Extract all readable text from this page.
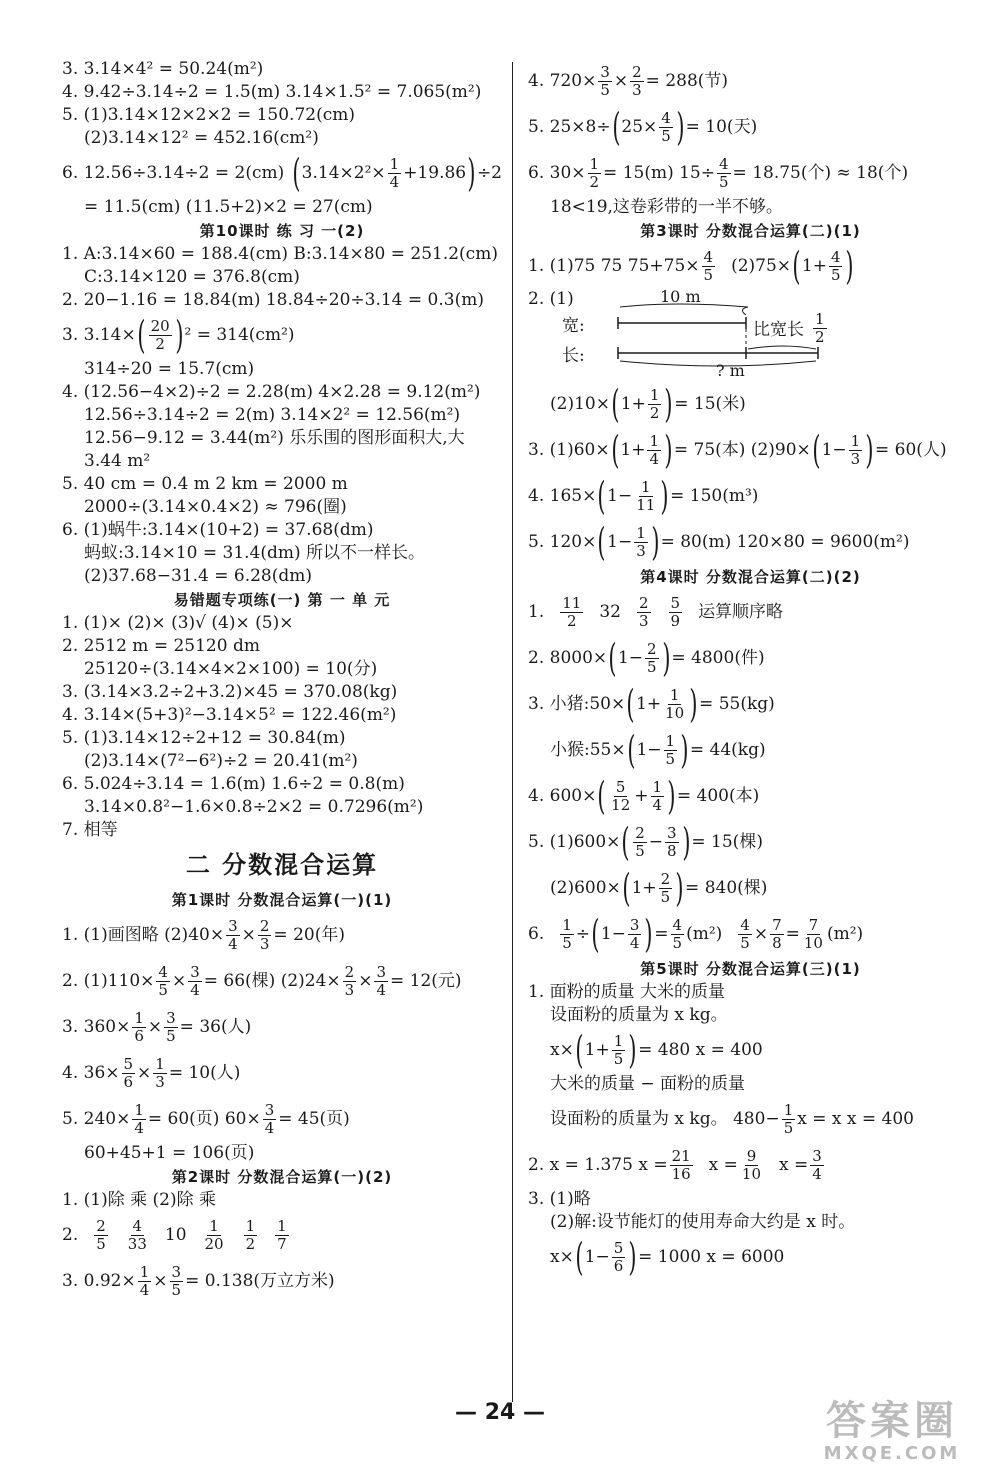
3. 3.14×4² = 50.24(m²)
4. 9.42÷3.14÷2 = 1.5(m) 3.14×1.5² = 7.065(m²)
5. (1)3.14×12×2×2 = 150.72(cm)
(2)3.14×12² = 452.16(cm²)
6. 12.56÷3.14÷2 = 2(cm) ( $3.14\times 2^2\times \frac{1}{4} +19.86$ ) ÷2
= 11.5(cm) (11.5+2)×2 = 27(cm)
第10课时 练 习 一(2)
1. A:3.14×60 = 188.4(cm) B:3.14×80 = 251.2(cm)
C:3.14×120 = 376.8(cm)
2. 20−1.16 = 18.84(m) 18.84÷20÷3.14 = 0.3(m)
3. 3.14× ( 20
2 ) ² = 314(cm²)
314÷20 = 15.7(cm)
4. (12.56−4×2)÷2 = 2.28(m) 4×2.28 = 9.12(m²)
12.56÷3.14÷2 = 2(m) 3.14×2² = 12.56(m²)
12.56−9.12 = 3.44(m²) 乐乐围的图形面积大,大
3.44 m²
5. 40 cm = 0.4 m 2 km = 2000 m
2000÷(3.14×0.4×2) ≈ 796(圈)
6. (1)蜗牛:3.14×(10+2) = 37.68(dm)
蚂蚁:3.14×10 = 31.4(dm) 所以不一样长。
(2)37.68−31.4 = 6.28(dm)
易错题专项练(一) 第 一 单 元
1. (1)× (2)× (3)√ (4)× (5)×
2. 2512 m = 25120 dm
25120÷(3.14×4×2×100) = 10(分)
3. (3.14×3.2÷2+3.2)×45 = 370.08(kg)
4. 3.14×(5+3)²−3.14×5² = 122.46(m²)
5. (1)3.14×12÷2+12 = 30.84(m)
(2)3.14×(7²−6²)÷2 = 20.41(m²)
6. 5.024÷3.14 = 1.6(m) 1.6÷2 = 0.8(m)
3.14×0.8²−1.6×0.8÷2×2 = 0.7296(m²)
7. 相等
二 分数混合运算
第1课时 分数混合运算(一)(1)
1. (1)画图略 $(2)40\times \frac{3}{4} \times \frac{2}{3} = 20$(年)
2. $(1)110\times \frac{4}{5} \times \frac{3}{4} = 66$(棵) $(2)24\times \frac{2}{3} \times \frac{3}{4} = 12$(元)
3. $360\times \frac{1}{6} \times \frac{3}{5} = 36$(人)
4. $36\times \frac{5}{6} \times \frac{1}{3} = 10$(人)
5. $240\times \frac{1}{4} = 60$(页) $60\times \frac{3}{4} = 45$(页)
60+45+1 = 106(页)
第2课时 分数混合运算(一)(2)
1. (1)除 乘 (2)除 乘
2. 2
5
4
33 10 1
20
1
2
1
7
3. $0.92\times \frac{1}{4} \times \frac{3}{5} = 0.138$(万立方米)
4. $720\times \frac{3}{5} \times \frac{2}{3} = 288$(节)
5. 25×8÷ ( $25\times \frac{4}{5}$ ) = 10(天)
6. $30\times \frac{1}{2} = 15(m)$ $15\div \frac{4}{5} = 18.75$(个) ≈ 18(个)
18<19,这卷彩带的一半不够。
第3课时 分数混合运算(二)(1)
1. (1)75 75 $75+75\times \frac{4}{5} (2)75\times$ ( $1+ \frac{4}{5}$ )
2. (1)	10 m
宽:	比宽长
1
2
长:
? m
(2)10× ( $1+ \frac{1}{2}$ ) = 15(米)
3. (1)60× ( 1+ 1
4 ) = 75(本) (2)90× ( 1− 1
3 ) = 60(人)
4. 165× ( 1− 1
11 ) = 150(m³)
5. 120× ( 1− 1
3 ) = 80(m) 120×80 = 9600(m²)
第4课时 分数混合运算(二)(2)
1. 11
2 32 2
3
5
9 运算顺序略
2. 8000× ( 1− 2
5 ) = 4800(件)
3. 小猪:50× ( 1+ 1
10 ) = 55(kg)
小猴:55× ( 1− 1
5 ) = 44(kg)
4. 600× ( 5
12 + 1
4 ) = 400(本)
5. (1)600× ( 2
5 − 3
8 ) = 15(棵)
(2)600× ( 1+ 2
5 ) = 840(棵)
6. 1
5 ÷ ( 1− 3
4 ) = 4
5 (m²) 4
5 × 7
8 = 7
10 (m²)
第5课时 分数混合运算(三)(1)
1. 面粉的质量 大米的质量
设面粉的质量为 x kg。
x× ( 1+ 1
5 ) = 480 x = 400
大米的质量 − 面粉的质量
设面粉的质量为 x kg。 $480- \frac{1}{5}$ x = x x = 400
2. x = 1.375 $x = \frac{21}{16}$ $x = \frac{9}{10}$ $x = \frac{3}{4}$
3. (1)略
(2)解:设节能灯的使用寿命大约是 x 时。
x× ( 1− 5
6 ) = 1000 x = 6000
— 24 —	答案圈
MXQE.COM
